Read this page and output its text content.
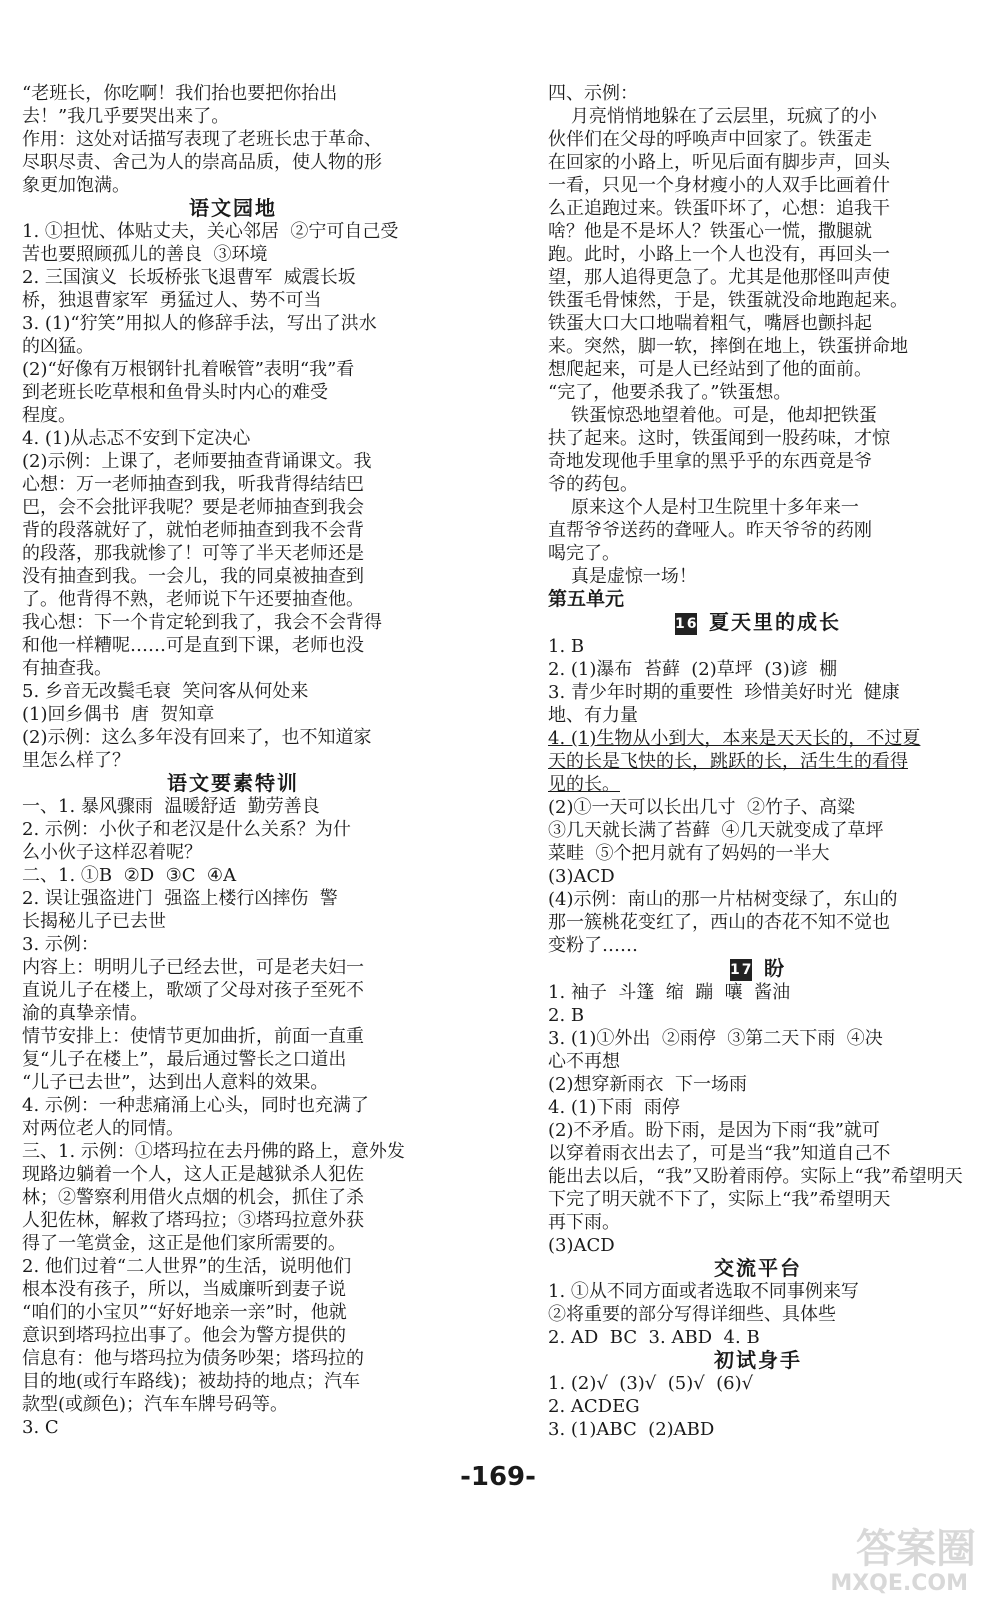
“老班长，你吃啊！我们抬也要把你抬出
去！”我几乎要哭出来了。
作用：这处对话描写表现了老班长忠于革命、
尽职尽责、舍己为人的崇高品质，使人物的形
象更加饱满。
语文园地
1. ①担忧、体贴丈夫，关心邻居  ②宁可自己受
苦也要照顾孤儿的善良  ③环境
2. 三国演义  长坂桥张飞退曹军  威震长坂
桥，独退曹家军  勇猛过人、势不可当
3. (1)“狞笑”用拟人的修辞手法，写出了洪水
的凶猛。
(2)“好像有万根钢针扎着喉管”表明“我”看
到老班长吃草根和鱼骨头时内心的难受
程度。
4. (1)从忐忑不安到下定决心
(2)示例：上课了，老师要抽查背诵课文。我
心想：万一老师抽查到我，听我背得结结巴
巴，会不会批评我呢？要是老师抽查到我会
背的段落就好了，就怕老师抽查到我不会背
的段落，那我就惨了！可等了半天老师还是
没有抽查到我。一会儿，我的同桌被抽查到
了。他背得不熟，老师说下午还要抽查他。
我心想：下一个肯定轮到我了，我会不会背得
和他一样糟呢……可是直到下课，老师也没
有抽查我。
5. 乡音无改鬓毛衰  笑问客从何处来
(1)回乡偶书  唐  贺知章
(2)示例：这么多年没有回来了，也不知道家
里怎么样了？
语文要素特训
一、1. 暴风骤雨  温暖舒适  勤劳善良
2. 示例：小伙子和老汉是什么关系？为什
么小伙子这样忍着呢？
二、1. ①B  ②D  ③C  ④A
2. 误让强盗进门  强盗上楼行凶摔伤  警
长揭秘儿子已去世
3. 示例：
内容上：明明儿子已经去世，可是老夫妇一
直说儿子在楼上，歌颂了父母对孩子至死不
渝的真挚亲情。
情节安排上：使情节更加曲折，前面一直重
复“儿子在楼上”，最后通过警长之口道出
“儿子已去世”，达到出人意料的效果。
4. 示例：一种悲痛涌上心头，同时也充满了
对两位老人的同情。
三、1. 示例：①塔玛拉在去丹佛的路上，意外发
现路边躺着一个人，这人正是越狱杀人犯佐
林；②警察利用借火点烟的机会，抓住了杀
人犯佐林，解救了塔玛拉；③塔玛拉意外获
得了一笔赏金，这正是他们家所需要的。
2. 他们过着“二人世界”的生活，说明他们
根本没有孩子，所以，当威廉听到妻子说
“咱们的小宝贝”“好好地亲一亲”时，他就
意识到塔玛拉出事了。他会为警方提供的
信息有：他与塔玛拉为债务吵架；塔玛拉的
目的地(或行车路线)；被劫持的地点；汽车
款型(或颜色)；汽车车牌号码等。
3. C
四、示例：
月亮悄悄地躲在了云层里，玩疯了的小
伙伴们在父母的呼唤声中回家了。铁蛋走
在回家的小路上，听见后面有脚步声，回头
一看，只见一个身材瘦小的人双手比画着什
么正追跑过来。铁蛋吓坏了，心想：追我干
啥？他是不是坏人？铁蛋心一慌，撒腿就
跑。此时，小路上一个人也没有，再回头一
望，那人追得更急了。尤其是他那怪叫声使
铁蛋毛骨悚然，于是，铁蛋就没命地跑起来。
铁蛋大口大口地喘着粗气，嘴唇也颤抖起
来。突然，脚一软，摔倒在地上，铁蛋拼命地
想爬起来，可是人已经站到了他的面前。
“完了，他要杀我了。”铁蛋想。
铁蛋惊恐地望着他。可是，他却把铁蛋
扶了起来。这时，铁蛋闻到一股药味，才惊
奇地发现他手里拿的黑乎乎的东西竟是爷
爷的药包。
原来这个人是村卫生院里十多年来一
直帮爷爷送药的聋哑人。昨天爷爷的药刚
喝完了。
真是虚惊一场！
第五单元
16 夏天里的成长
1. B
2. (1)瀑布  苔藓  (2)草坪  (3)谚  棚
3. 青少年时期的重要性  珍惜美好时光  健康
地、有力量
4. (1)生物从小到大，本来是天天长的，不过夏
天的长是飞快的长，跳跃的长，活生生的看得
见的长。
(2)①一天可以长出几寸  ②竹子、高粱
③几天就长满了苔藓  ④几天就变成了草坪
菜畦  ⑤个把月就有了妈妈的一半大
(3)ACD
(4)示例：南山的那一片枯树变绿了，东山的
那一簇桃花变红了，西山的杏花不知不觉也
变粉了……
17 盼
1. 袖子  斗篷  缩  蹦  嚷  酱油
2. B
3. (1)①外出  ②雨停  ③第二天下雨  ④决
心不再想
(2)想穿新雨衣  下一场雨
4. (1)下雨  雨停
(2)不矛盾。盼下雨，是因为下雨“我”就可
以穿着雨衣出去了，可是当“我”知道自己不
能出去以后，“我”又盼着雨停。实际上“我”希望明天
下完了明天就不下了，实际上“我”希望明天
再下雨。
(3)ACD
交流平台
1. ①从不同方面或者选取不同事例来写
②将重要的部分写得详细些、具体些
2. AD  BC  3. ABD  4. B
初试身手
1. (2)√  (3)√  (5)√  (6)√
2. ACDEG
3. (1)ABC  (2)ABD
-169-
答案圈
MXQE.COM
